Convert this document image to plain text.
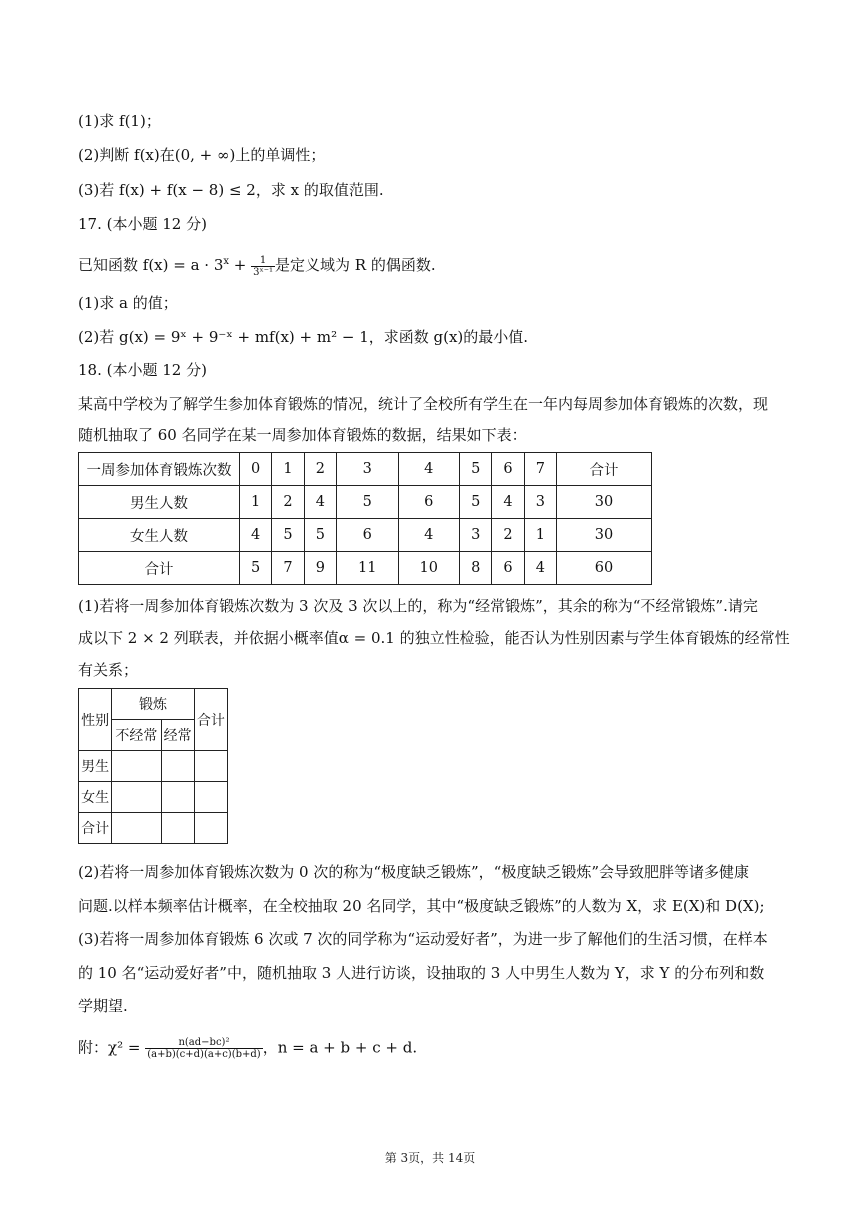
(1)求 f(1)；
(2)判断 f(x)在(0, + ∞)上的单调性；
(3)若 f(x) + f(x − 8) ≤ 2，求 x 的取值范围.
17. (本小题 12 分)
已知函数 $f(x) = a \cdot 3^x + \frac{1}{\text{3ˣ⁻¹}}$ 是定义域为 R 的偶函数.
(1)求 a 的值；
(2)若 g(x) = 9ˣ + 9⁻ˣ + mf(x) + m² − 1，求函数 g(x)的最小值.
18. (本小题 12 分)
某高中学校为了解学生参加体育锻炼的情况，统计了全校所有学生在一年内每周参加体育锻炼的次数，现
随机抽取了 60 名同学在某一周参加体育锻炼的数据，结果如下表：
一周参加体育锻炼次数	0	1	2	3	4	5	6	7	合计
男生人数	1	2	4	5	6	5	4	3	30
女生人数	4	5	5	6	4	3	2	1	30
合计	5	7	9	11	10	8	6	4	60
(1)若将一周参加体育锻炼次数为 3 次及 3 次以上的，称为“经常锻炼”，其余的称为“不经常锻炼”.请完
成以下 2 × 2 列联表，并依据小概率值α = 0.1 的独立性检验，能否认为性别因素与学生体育锻炼的经常性
有关系；
性别	锻炼		合计
	不经常	经常	
男生			
女生			
合计			
(2)若将一周参加体育锻炼次数为 0 次的称为“极度缺乏锻炼”，“极度缺乏锻炼”会导致肥胖等诸多健康
问题.以样本频率估计概率，在全校抽取 20 名同学，其中“极度缺乏锻炼”的人数为 X，求 E(X)和 D(X);
(3)若将一周参加体育锻炼 6 次或 7 次的同学称为“运动爱好者”，为进一步了解他们的生活习惯，在样本
的 10 名“运动爱好者”中，随机抽取 3 人进行访谈，设抽取的 3 人中男生人数为 Y，求 Y 的分布列和数
学期望.
附：$\chi^2 = \frac{\text{n(ad−bc)²}}{(a+b)(c+d)(a+c)(b+d)}$ ，n = a + b + c + d.
第 3页，共 14页
